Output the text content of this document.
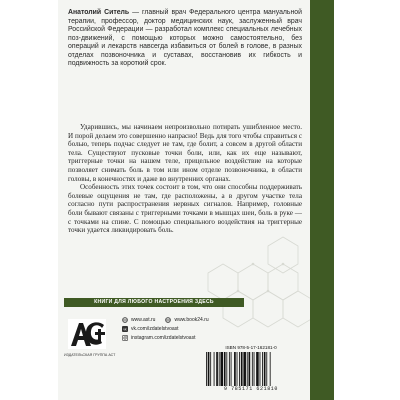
Анатолий Ситель — главный врач Федерального центра мануальной терапии, профессор, доктор медицинских наук, заслуженный врач Российской Федерации — разработал комплекс специальных лечебных поз-движений, с помощью которых можно самостоятельно, без операций и лекарств навсегда избавиться от болей в голове, в разных отделах позвоночника и суставах, восстановив их гибкость и подвижность за короткий срок.

Ударившись, мы начинаем непроизвольно потирать ушибленное место. И порой делаем это совершенно напрасно! Ведь для того чтобы справиться с болью, теперь подчас следует не там, где болит, а совсем в другой области тела. Существуют пусковые точки боли, или, как их еще называют, триггерные точки на нашем теле, прицельное воздействие на которые позволяет снимать боль в том или ином отделе позвоночника, в области головы, в конечностях и даже во внутренних органах.

Особенность этих точек состоит в том, что они способны поддерживать болевые ощущения не там, где расположены, а в другом участке тела согласно пути распространения нервных сигналов. Например, головные боли бывают связаны с триггерными точками в мышцах шеи, боль в руке — с точками на спине. С помощью специального воздействия на триггерные точки удается ликвидировать боль.

КНИГИ ДЛЯ ЛЮБОГО НАСТРОЕНИЯ ЗДЕСЬ
ИЗДАТЕЛЬСКАЯ ГРУППА АСТ
www.ast.ru	www.book24.ru
vk vk.com/izdatelstvoast
instagram.com/izdatelstvoast
ISBN 978-5-17-162181-0
9 785171 621810
